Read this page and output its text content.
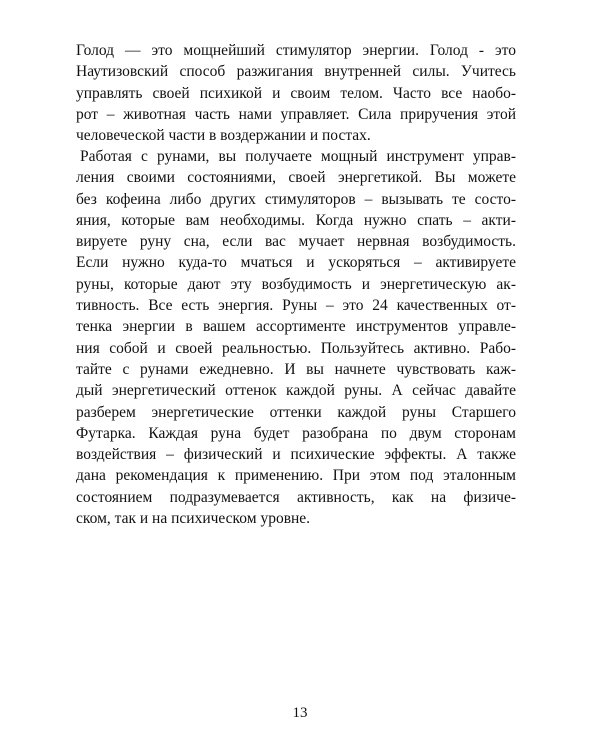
Голод — это мощнейший стимулятор энергии. Голод - это
Наутизовский способ разжигания внутренней силы. Учитесь
управлять своей психикой и своим телом. Часто все наобо-
рот – животная часть нами управляет. Сила приручения этой
человеческой части в воздержании и постах.
Работая с рунами, вы получаете мощный инструмент управ-
ления своими состояниями, своей энергетикой. Вы можете
без кофеина либо других стимуляторов – вызывать те состо-
яния, которые вам необходимы. Когда нужно спать – акти-
вируете руну сна, если вас мучает нервная возбудимость.
Если нужно куда-то мчаться и ускоряться – активируете
руны, которые дают эту возбудимость и энергетическую ак-
тивность. Все есть энергия. Руны – это 24 качественных от-
тенка энергии в вашем ассортименте инструментов управле-
ния собой и своей реальностью. Пользуйтесь активно. Рабо-
тайте с рунами ежедневно. И вы начнете чувствовать каж-
дый энергетический оттенок каждой руны. А сейчас давайте
разберем энергетические оттенки каждой руны Старшего
Футарка. Каждая руна будет разобрана по двум сторонам
воздействия – физический и психические эффекты. А также
дана рекомендация к применению. При этом под эталонным
состоянием подразумевается активность, как на физиче-
ском, так и на психическом уровне.
13
